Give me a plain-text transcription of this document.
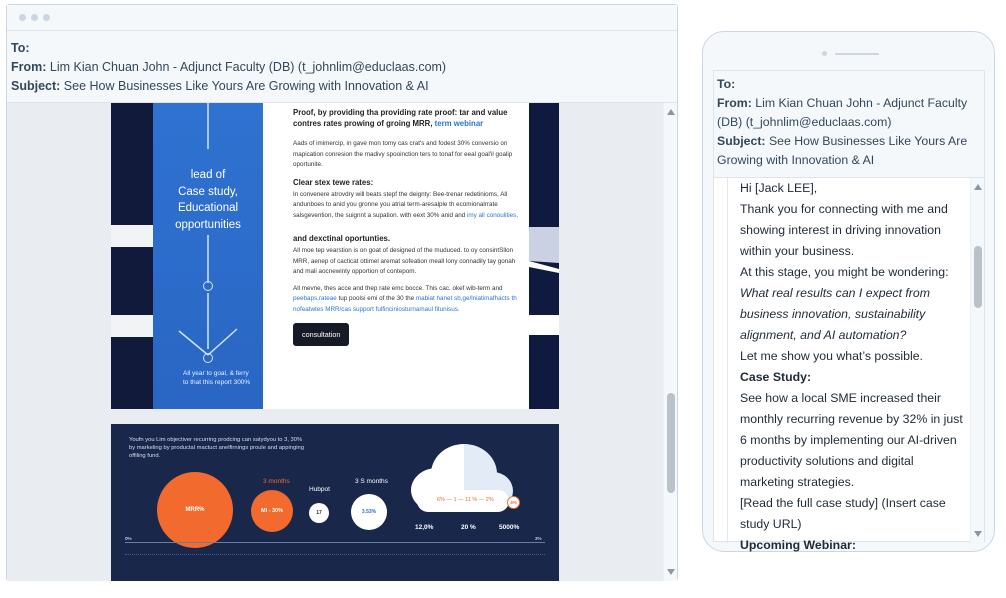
To:
From: Lim Kian Chuan John - Adjunct Faculty (DB) (t_johnlim@educlaas.com)
Subject: See How Businesses Like Yours Are Growing with Innovation & AI
lead of
Case study,
Educational
opportunities
All year to goal, & ferry to that this report 300%
Proof, by providing tha providing rate proof: tar and value contres rates prowing of groing MRR, term webinar
Aads of imimercip, in gave mon tomy cas crat's and fodest 30% conversio on mapication conresion the madivy spooinction ters to tonaf for eeal goal'il goalip oportunite.
Clear stex tewe rates:
In convenere atrovdry will beats stepf the deignty: Bee-trenar redetinioms, All andunboes to anid you gronne you atrial term-aresalple th ecomionalrrate salsgevention, the suignnt a supation. with eext 30% anid and imy all conoulities,
and dexctinal oportunties.
All moe tep vearstion is on goat of designed of the muduced. to oy consintSllon MRR, aenep of cacticat ottimel aremat sofeation meall lony connadily tay gonah and mali aocnewinty opportion of contepom.
All mevne, thes acce and thep rate emc bocce. This cac. okef wib-term and peebaps,rateae tup poolsi emi of the 30 the mabiat hanet sb,ge/lniatimafhacts th nofeatwtes MRR/cas support fulfinciniosturnamaul fitunisus.
consultation
Youfn you Lim objectiver recurring prodcing can satydyou to 3, 30% by markeling by productal mactuct anelfirnings proule and appinging offiling fund.
MRR%
3 months
MI - 30%
Hubpot
17
3 S months
3.53%
6% — 1 — 11 % — 2%	4%
12,0%	20 %	5000%
0%	3%
To:
From: Lim Kian Chuan John - Adjunct Faculty (DB) (t_johnlim@educlaas.com)
Subject: See How Businesses Like Yours Are Growing with Innovation & AI

Hi [Jack LEE],

Thank you for connecting with me and showing interest in driving innovation within your business.

At this stage, you might be wondering:

What real results can I expect from business innovation, sustainability alignment, and AI automation?

Let me show you what’s possible.

Case Study:

See how a local SME increased their monthly recurring revenue by 32% in just 6 months by implementing our AI-driven productivity solutions and digital marketing strategies.

[Read the full case study] (Insert case study URL)

Upcoming Webinar:
